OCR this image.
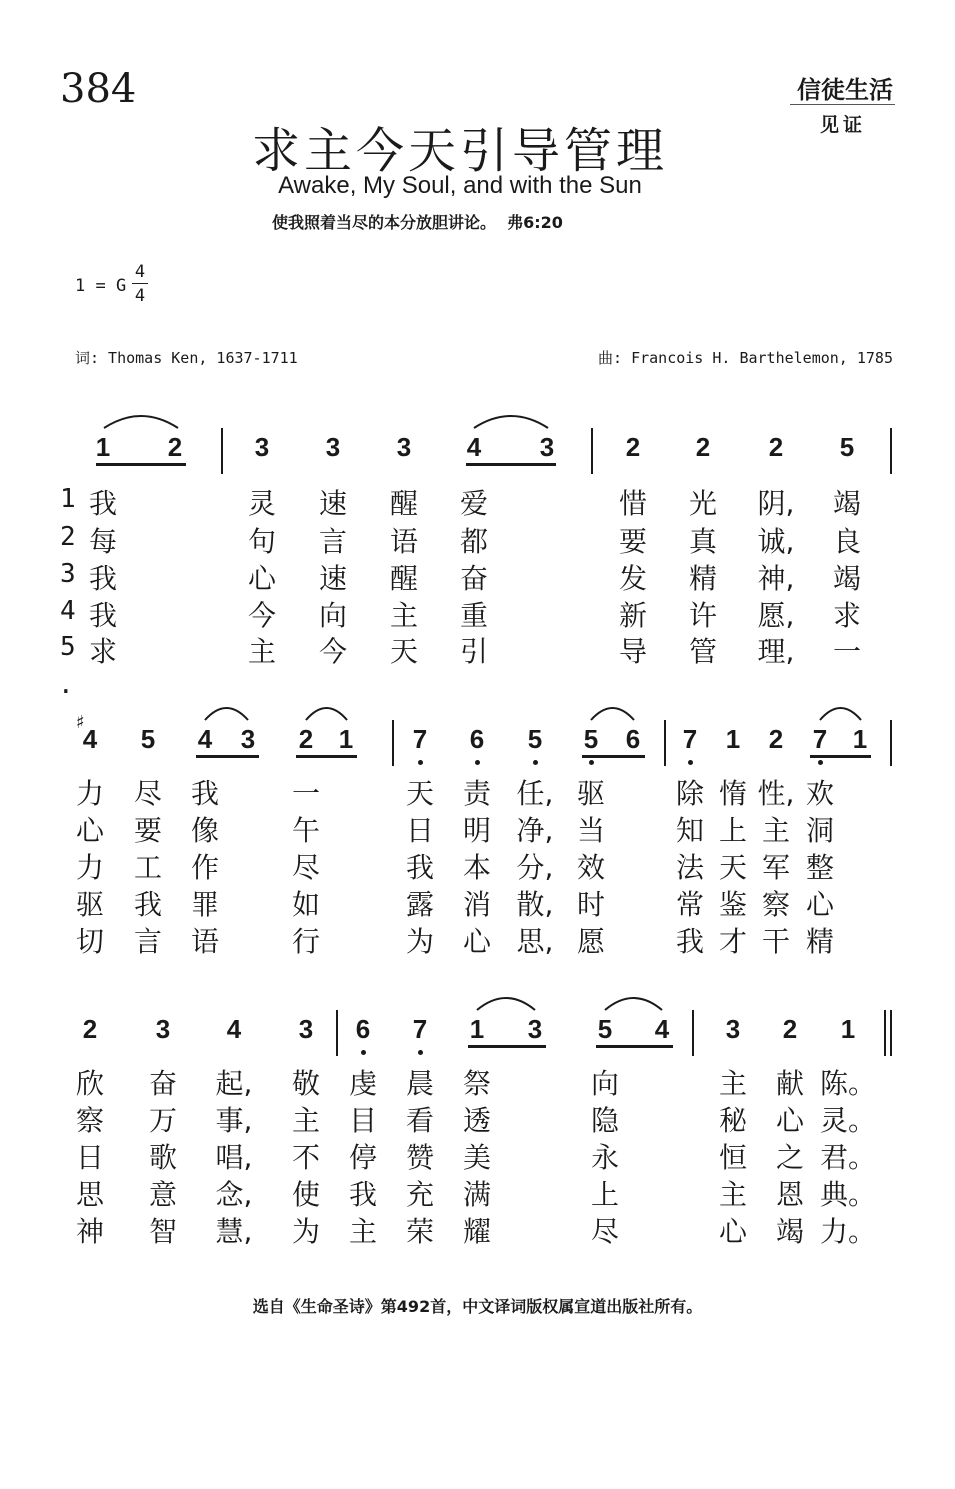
384	信徒生活
见证
求主今天引导管理
Awake, My Soul, and with the Sun
使我照着当尽的本分放胆讲论。  弗6:20
1 = G $\frac{4}{4}$
词: Thomas Ken, 1637-1711	曲: Francois H. Barthelemon, 1785
1 2	3 3 3 4 3	2 2 2 5
1
2
3
4
5
我	灵 速 醒 爱	惜 光 阴, 竭
每	句 言 语 都	要 真 诚, 良
我	心 速 醒 奋	发 精 神, 竭
我	今 向 主 重	新 许 愿, 求
求	主 今 天 引	导 管 理, 一
.
♯
4 5 4 3 2 1 7 6 5 5 6 7 1 2 7 1
力 尽 我	一	天 责 任, 驱	除 惰 性, 欢
心 要 像	午	日 明 净, 当	知 上 主 洞
力 工 作	尽	我 本 分, 效	法 天 军 整
驱 我 罪	如	露 消 散, 时	常 鉴 察 心
切 言 语	行	为 心 思, 愿	我 才 干 精
2 3 4 3 6 7 1 3 5 4 3 2 1
欣 奋 起, 敬 虔 晨 祭	向	主 献 陈。
察 万 事, 主 目 看 透	隐	秘 心 灵。
日 歌 唱, 不 停 赞 美	永	恒 之 君。
思 意 念, 使 我 充 满	上	主 恩 典。
神 智 慧, 为 主 荣 耀	尽	心 竭 力。
选自《生命圣诗》第492首，中文译词版权属宣道出版社所有。
